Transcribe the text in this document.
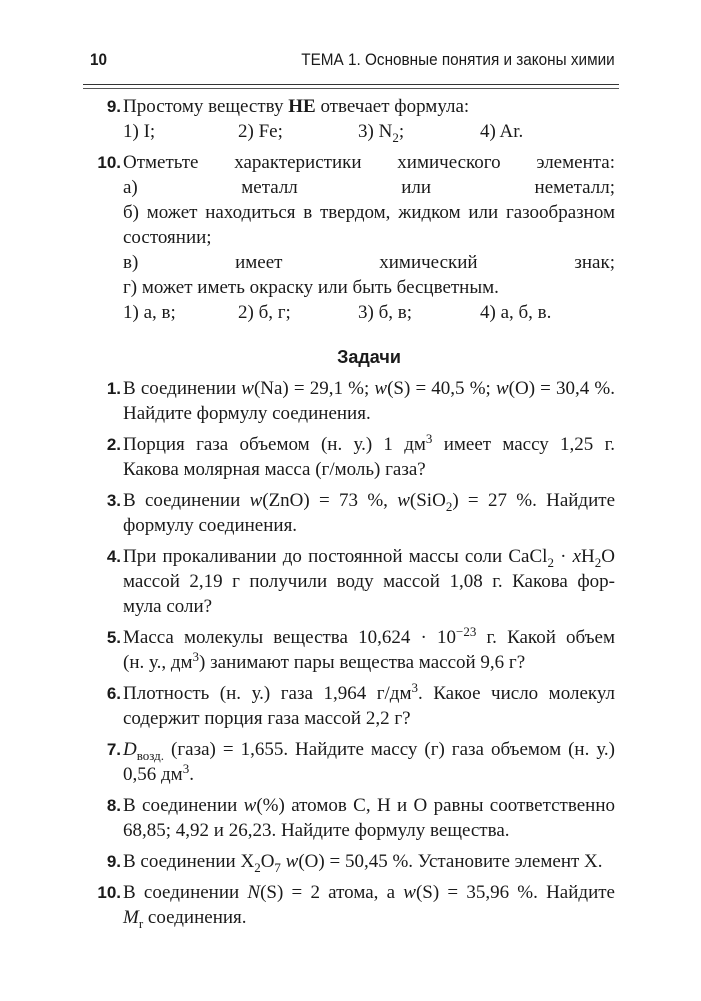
10	ТЕМА 1. Основные понятия и законы химии
9. Простому веществу НЕ отвечает формула:
1) I;	2) Fe;	3) $N_2$;	4) Ar.
10. Отметьте характеристики химического элемента:
а) металл или неметалл;
б) может находиться в твердом, жидком или газообразном
состоянии;
в) имеет химический знак;
г) может иметь окраску или быть бесцветным.
1) а, в;	2) б, г;	3) б, в;	4) а, б, в.
Задачи
1. В соединении w(Na) = 29,1 %; w(S) = 40,5 %; w(O) = 30,4 %.
Найдите формулу соединения.
2. Порция газа объемом (н. у.) 1 $дм^3$ имеет массу 1,25 г.
Какова молярная масса (г/моль) газа?
3. В соединении w(ZnO) = 73 %, w(SiO$_2$) = 27 %. Найдите
формулу соединения.
4. При прокаливании до постоянной массы соли CaCl$_2$ · $xH_2O$
массой 2,19 г получили воду массой 1,08 г. Какова фор-
мула соли?
5. Масса молекулы вещества $10,624 \cdot 10^{-23}$ г. Какой объем
(н. у., $дм^3$) занимают пары вещества массой 9,6 г?
6. Плотность (н. у.) газа 1,964 $г/дм^3$. Какое число молекул
содержит порция газа массой 2,2 г?
7. $D_{возд.}$ (газа) = 1,655. Найдите массу (г) газа объемом (н. у.)
0,56 $дм^3$.
8. В соединении w(%) атомов C, H и O равны соответственно
68,85; 4,92 и 26,23. Найдите формулу вещества.
9. В соединении $X_2O_7$ w(O) = 50,45 %. Установите элемент X.
10. В соединении N(S) = 2 атома, а w(S) = 35,96 %. Найдите
$M_r$ соединения.
